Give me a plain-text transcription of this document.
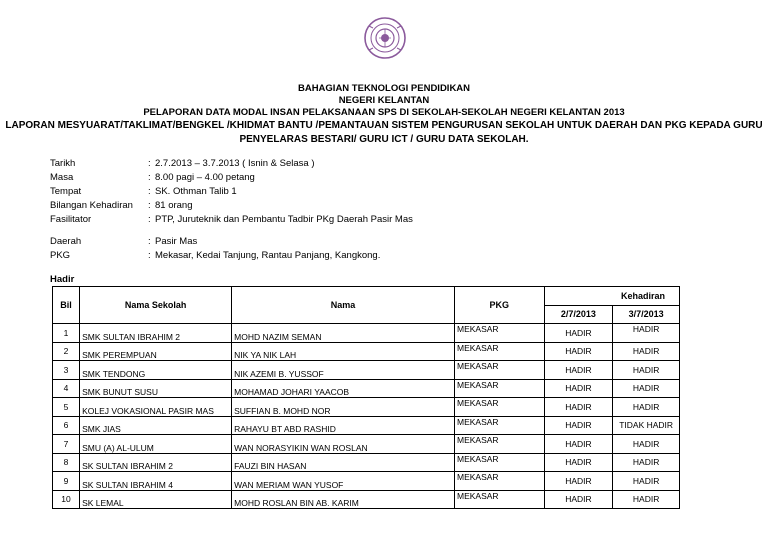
BAHAGIAN TEKNOLOGI PENDIDIKAN
NEGERI KELANTAN
PELAPORAN DATA MODAL INSAN PELAKSANAAN SPS DI SEKOLAH-SEKOLAH NEGERI KELANTAN 2013
LAPORAN MESYUARAT/TAKLIMAT/BENGKEL /KHIDMAT BANTU /PEMANTAUAN SISTEM PENGURUSAN SEKOLAH UNTUK DAERAH DAN PKG KEPADA GURU
PENYELARAS BESTARI/ GURU ICT / GURU DATA SEKOLAH.
Tarikh	: 2.7.2013 – 3.7.2013 ( Isnin & Selasa )
Masa	: 8.00 pagi – 4.00 petang
Tempat	: SK. Othman Talib 1
Bilangan Kehadiran : 81 orang
Fasilitator	: PTP, Juruteknik dan Pembantu Tadbir PKg Daerah Pasir Mas
Daerah	: Pasir Mas
PKG	: Mekasar, Kedai Tanjung, Rantau Panjang, Kangkong.
Hadir
Bil	Nama Sekolah	Nama	PKG	Kehadiran	
				2/7/2013	3/7/2013
1	SMK SULTAN IBRAHIM 2	MOHD NAZIM SEMAN	MEKASAR	HADIR	HADIR
2	SMK PEREMPUAN	NIK YA NIK LAH	MEKASAR	HADIR	HADIR
3	SMK TENDONG	NIK AZEMI B. YUSSOF	MEKASAR	HADIR	HADIR
4	SMK BUNUT SUSU	MOHAMAD JOHARI YAACOB	MEKASAR	HADIR	HADIR
5	KOLEJ VOKASIONAL PASIR MAS	SUFFIAN B. MOHD NOR	MEKASAR	HADIR	HADIR
6	SMK JIAS	RAHAYU BT ABD RASHID	MEKASAR	HADIR	TIDAK HADIR
7	SMU (A) AL-ULUM	WAN NORASYIKIN WAN ROSLAN	MEKASAR	HADIR	HADIR
8	SK SULTAN IBRAHIM 2	FAUZI BIN HASAN	MEKASAR	HADIR	HADIR
9	SK SULTAN IBRAHIM 4	WAN MERIAM WAN YUSOF	MEKASAR	HADIR	HADIR
10	SK LEMAL	MOHD ROSLAN BIN AB. KARIM	MEKASAR	HADIR	HADIR
